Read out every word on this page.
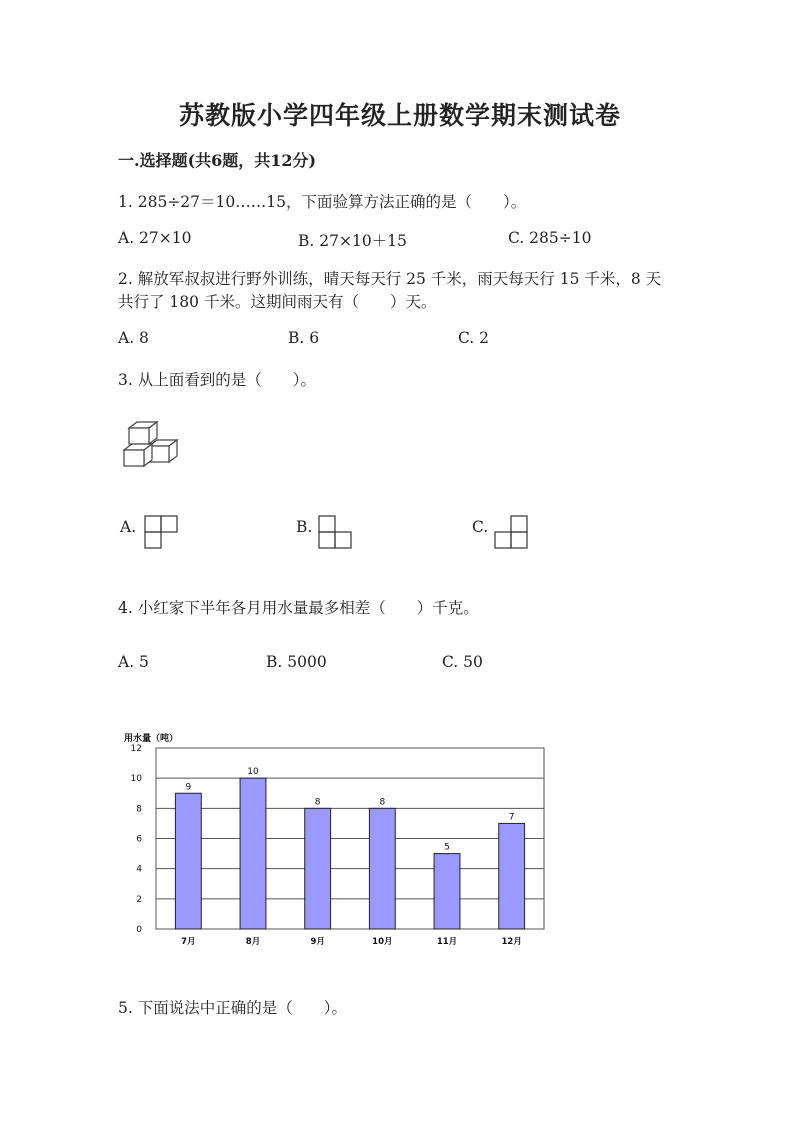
苏教版小学四年级上册数学期末测试卷
一.选择题(共6题，共12分)
1. 285÷27＝10……15，下面验算方法正确的是（　　）。
A. 27×10	B. 27×10＋15	C. 285÷10
2. 解放军叔叔进行野外训练，晴天每天行 25 千米，雨天每天行 15 千米，8 天
共行了 180 千米。这期间雨天有（　　）天。
A. 8	B. 6	C. 2
3. 从上面看到的是（　　）。
A.	B.	C.
4. 小红家下半年各月用水量最多相差（　　）千克。
A. 5	B. 5000	C. 50
用水量（吨）
0
2
4
6
8
10
12
9
10
8	8
5
7
7月	8月	9月	10月	11月	12月
5. 下面说法中正确的是（　　）。
